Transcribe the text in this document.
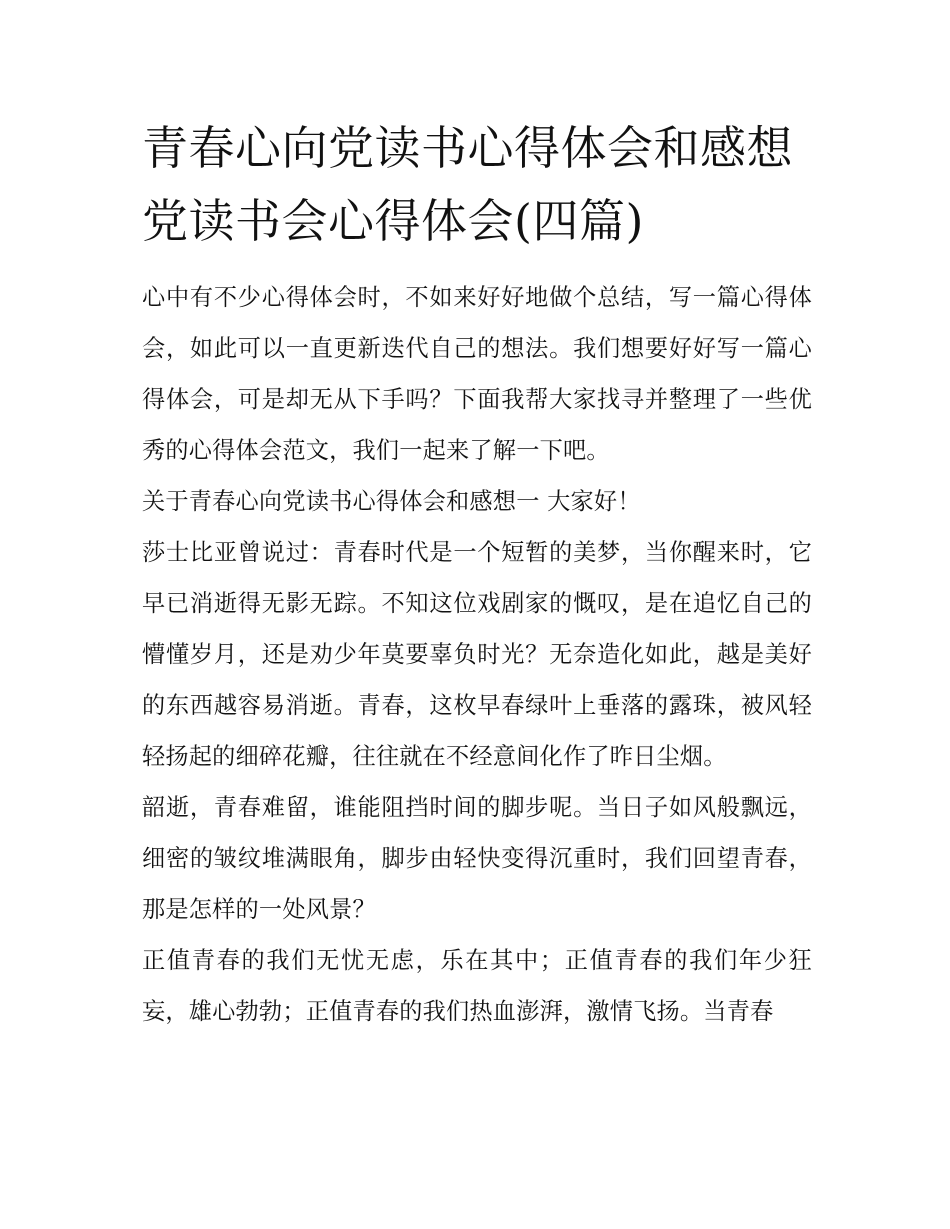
青春心向党读书心得体会和感想 党读书会心得体会(四篇)

心中有不少心得体会时，不如来好好地做个总结，写一篇心得体会，如此可以一直更新迭代自己的想法。我们想要好好写一篇心得体会，可是却无从下手吗？下面我帮大家找寻并整理了一些优秀的心得体会范文，我们一起来了解一下吧。

关于青春心向党读书心得体会和感想一 大家好！

莎士比亚曾说过：青春时代是一个短暂的美梦，当你醒来时，它早已消逝得无影无踪。不知这位戏剧家的慨叹，是在追忆自己的懵懂岁月，还是劝少年莫要辜负时光？无奈造化如此，越是美好的东西越容易消逝。青春，这枚早春绿叶上垂落的露珠，被风轻轻扬起的细碎花瓣，往往就在不经意间化作了昨日尘烟。

韶逝，青春难留，谁能阻挡时间的脚步呢。当日子如风般飘远，细密的皱纹堆满眼角，脚步由轻快变得沉重时，我们回望青春，那是怎样的一处风景？

正值青春的我们无忧无虑，乐在其中；正值青春的我们年少狂妄，雄心勃勃；正值青春的我们热血澎湃，激情飞扬。当青春
